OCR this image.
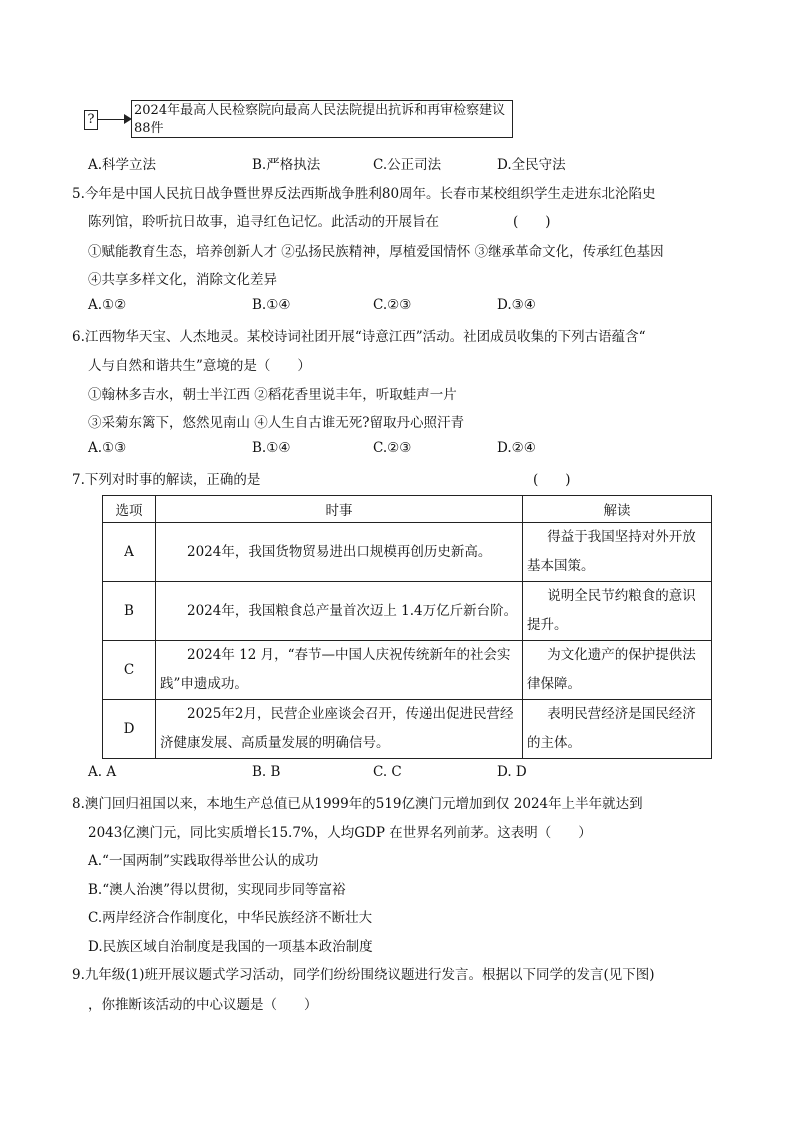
?
2024年最高人民检察院向最高人民法院提出抗诉和再审检察建议88件
A.科学立法	B.严格执法	C.公正司法	D.全民守法
5.今年是中国人民抗日战争暨世界反法西斯战争胜利80周年。长春市某校组织学生走进东北沦陷史
陈列馆，聆听抗日故事，追寻红色记忆。此活动的开展旨在	(　　)
①赋能教育生态，培养创新人才 ②弘扬民族精神，厚植爱国情怀 ③继承革命文化，传承红色基因
④共享多样文化，消除文化差异
A.①②	B.①④	C.②③	D.③④
6.江西物华天宝、人杰地灵。某校诗词社团开展“诗意江西”活动。社团成员收集的下列古语蕴含“
人与自然和谐共生”意境的是（　　）
①翰林多吉水，朝士半江西 ②稻花香里说丰年，听取蛙声一片
③采菊东篱下，悠然见南山 ④人生自古谁无死?留取丹心照汗青
A.①③	B.①④	C.②③	D.②④
7.下列对时事的解读，正确的是	(　　)
选项	时事	解读
A	2024年，我国货物贸易进出口规模再创历史新高。	得益于我国坚持对外开放基本国策。
B	2024年，我国粮食总产量首次迈上 1.4万亿斤新台阶。	说明全民节约粮食的意识提升。
C	2024年 12 月，“春节—中国人庆祝传统新年的社会实践”申遗成功。	为文化遗产的保护提供法律保障。
D	2025年2月，民营企业座谈会召开，传递出促进民营经济健康发展、高质量发展的明确信号。	表明民营经济是国民经济的主体。
A. A	B. B	C. C	D. D
8.澳门回归祖国以来，本地生产总值已从1999年的519亿澳门元增加到仅 2024年上半年就达到
2043亿澳门元，同比实质增长15.7%，人均GDP 在世界名列前茅。这表明（　　）
A.“一国两制”实践取得举世公认的成功
B.“澳人治澳”得以贯彻，实现同步同等富裕
C.两岸经济合作制度化，中华民族经济不断壮大
D.民族区域自治制度是我国的一项基本政治制度
9.九年级(1)班开展议题式学习活动，同学们纷纷围绕议题进行发言。根据以下同学的发言(见下图)
，你推断该活动的中心议题是（　　）
